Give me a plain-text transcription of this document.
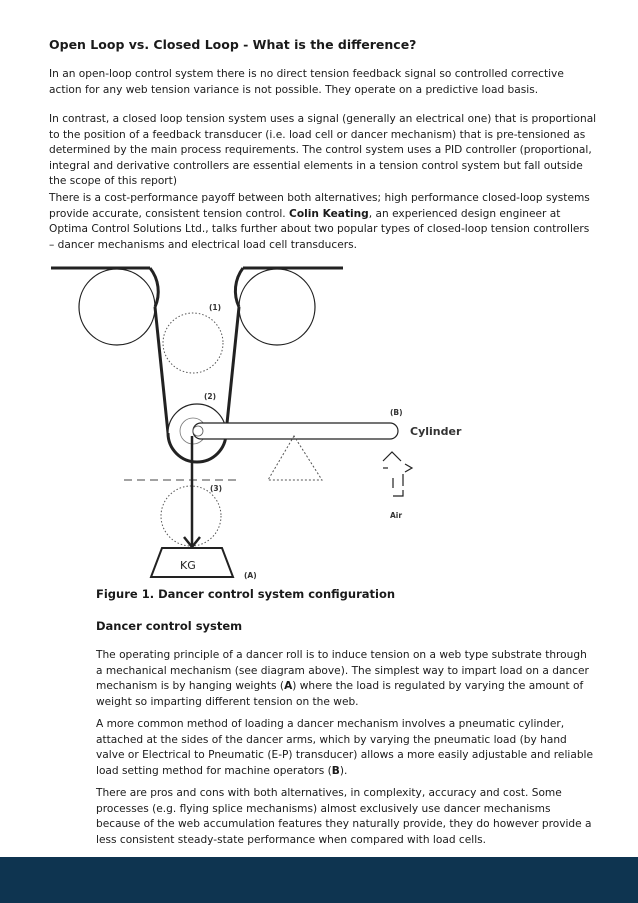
Open Loop vs. Closed Loop - What is the difference?

In an open-loop control system there is no direct tension feedback signal so controlled corrective action for any web tension variance is not possible. They operate on a predictive load basis.

In contrast, a closed loop tension system uses a signal (generally an electrical one) that is proportional to the position of a feedback transducer (i.e. load cell or dancer mechanism) that is pre-tensioned as determined by the main process requirements. The control system uses a PID controller (proportional, integral and derivative controllers are essential elements in a tension control system but fall outside the scope of this report)

There is a cost-performance payoff between both alternatives; high performance closed-loop systems provide accurate, consistent tension control. Colin Keating, an experienced design engineer at Optima Control Solutions Ltd., talks further about two popular types of closed-loop tension controllers – dancer mechanisms and electrical load cell transducers.

(1)
(3)
(2)
(B)
Cylinder
Air
KG
(A)
Figure 1. Dancer control system configuration
Dancer control system

The operating principle of a dancer roll is to induce tension on a web type substrate through a mechanical mechanism (see diagram above). The simplest way to impart load on a dancer mechanism is by hanging weights (A) where the load is regulated by varying the amount of weight so imparting different tension on the web.

A more common method of loading a dancer mechanism involves a pneumatic cylinder, attached at the sides of the dancer arms, which by varying the pneumatic load (by hand valve or Electrical to Pneumatic (E-P) transducer) allows a more easily adjustable and reliable load setting method for machine operators (B).

There are pros and cons with both alternatives, in complexity, accuracy and cost. Some processes (e.g. flying splice mechanisms) almost exclusively use dancer mechanisms because of the web accumulation features they naturally provide, they do however provide a less consistent steady-state performance when compared with load cells.
